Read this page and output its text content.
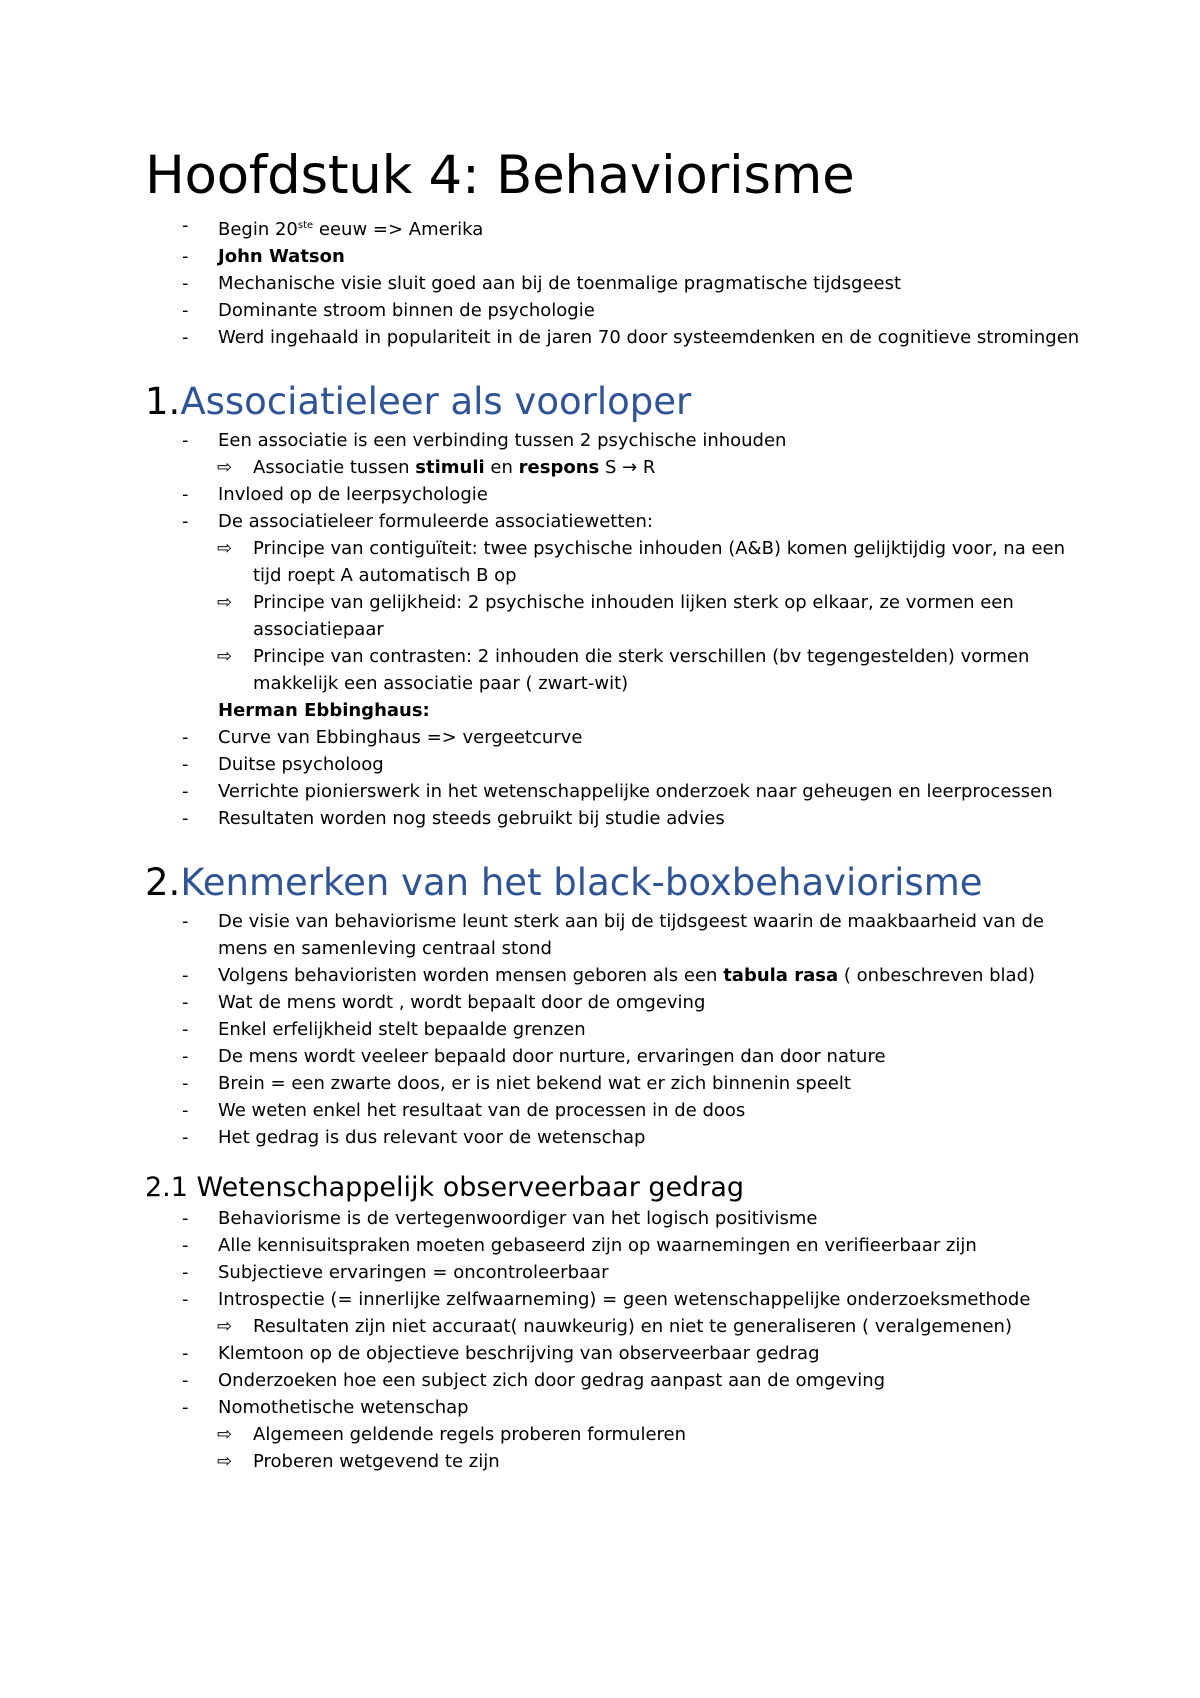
Hoofdstuk 4: Behaviorisme
- Begin 20ste eeuw => Amerika
- John Watson
- Mechanische visie sluit goed aan bij de toenmalige pragmatische tijdsgeest
- Dominante stroom binnen de psychologie
- Werd ingehaald in populariteit in de jaren 70 door systeemdenken en de cognitieve stromingen
1.Associatieleer als voorloper
- Een associatie is een verbinding tussen 2 psychische inhouden
⇨ Associatie tussen stimuli en respons S → R
- Invloed op de leerpsychologie
- De associatieleer formuleerde associatiewetten:
⇨ Principe van contiguïteit: twee psychische inhouden (A&B) komen gelijktijdig voor, na een tijd roept A automatisch B op
⇨ Principe van gelijkheid: 2 psychische inhouden lijken sterk op elkaar, ze vormen een associatiepaar
⇨ Principe van contrasten: 2 inhouden die sterk verschillen (bv tegengestelden) vormen makkelijk een associatie paar ( zwart-wit)
Herman Ebbinghaus:
- Curve van Ebbinghaus => vergeetcurve
- Duitse psycholoog
- Verrichte pionierswerk in het wetenschappelijke onderzoek naar geheugen en leerprocessen
- Resultaten worden nog steeds gebruikt bij studie advies
2.Kenmerken van het black-boxbehaviorisme
- De visie van behaviorisme leunt sterk aan bij de tijdsgeest waarin de maakbaarheid van de mens en samenleving centraal stond
- Volgens behavioristen worden mensen geboren als een tabula rasa ( onbeschreven blad)
- Wat de mens wordt , wordt bepaalt door de omgeving
- Enkel erfelijkheid stelt bepaalde grenzen
- De mens wordt veeleer bepaald door nurture, ervaringen dan door nature
- Brein = een zwarte doos, er is niet bekend wat er zich binnenin speelt
- We weten enkel het resultaat van de processen in de doos
- Het gedrag is dus relevant voor de wetenschap
2.1 Wetenschappelijk observeerbaar gedrag
- Behaviorisme is de vertegenwoordiger van het logisch positivisme
- Alle kennisuitspraken moeten gebaseerd zijn op waarnemingen en verifieerbaar zijn
- Subjectieve ervaringen = oncontroleerbaar
- Introspectie (= innerlijke zelfwaarneming) = geen wetenschappelijke onderzoeksmethode
⇨ Resultaten zijn niet accuraat( nauwkeurig) en niet te generaliseren ( veralgemenen)
- Klemtoon op de objectieve beschrijving van observeerbaar gedrag
- Onderzoeken hoe een subject zich door gedrag aanpast aan de omgeving
- Nomothetische wetenschap
⇨ Algemeen geldende regels proberen formuleren
⇨ Proberen wetgevend te zijn
